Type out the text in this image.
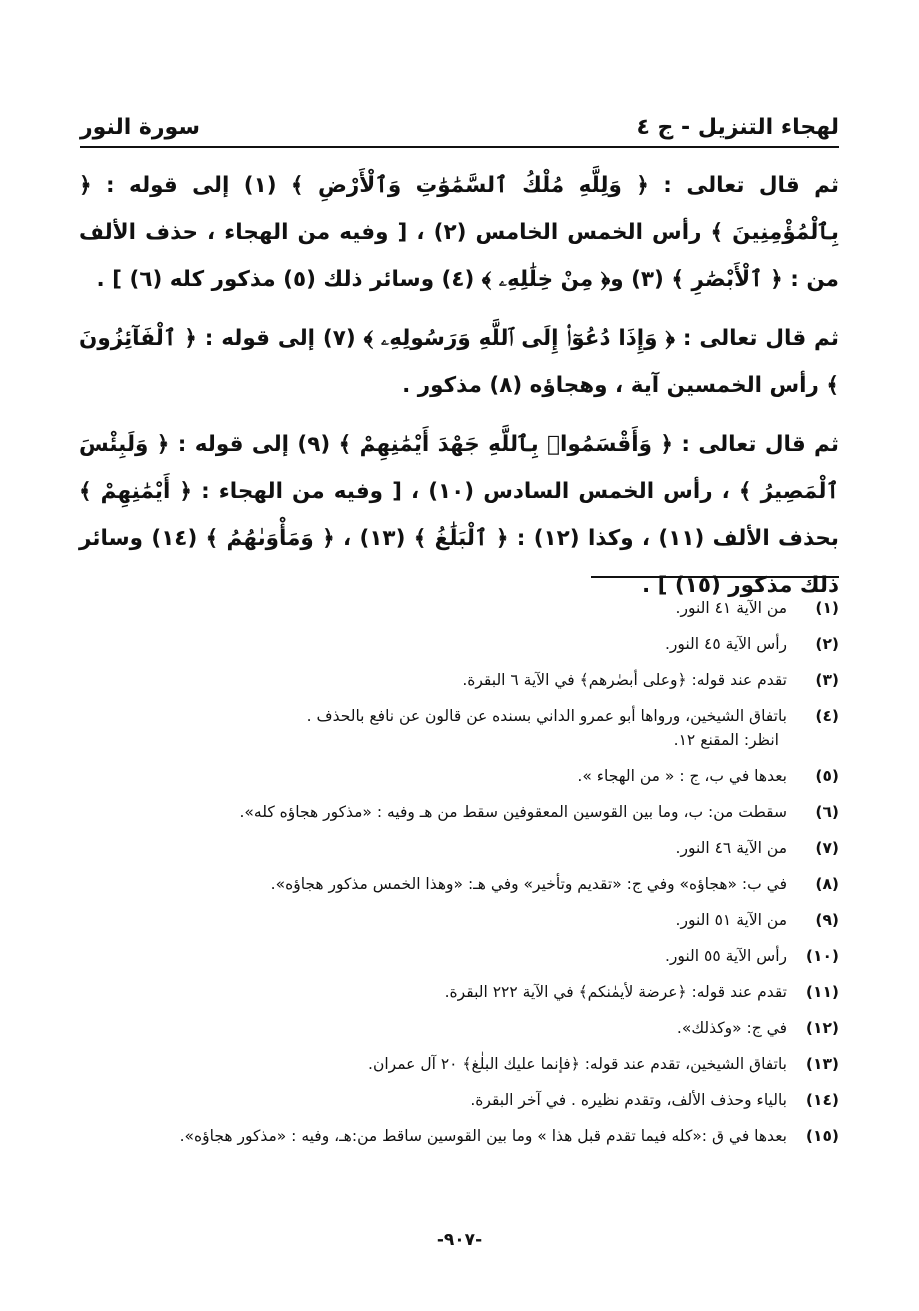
لهجاء التنزيل - ج ٤
سورة النور

ثم قال تعالى : ﴿ وَلِلَّهِ مُلْكُ ٱلسَّمَٰوَٰتِ وَٱلْأَرْضِ ﴾ (١) إلى قوله : ﴿ بِٱلْمُؤْمِنِينَ ﴾ رأس الخمس الخامس (٢) ، [ وفيه من الهجاء ، حذف الألف من : ﴿ ٱلْأَبْصَٰرِ ﴾ (٣) و﴿ مِنْ خِلَٰلِهِۦ ﴾ (٤) وسائر ذلك (٥) مذكور كله (٦) ] .

ثم قال تعالى : ﴿ وَإِذَا دُعُوٓا۟ إِلَى ٱللَّهِ وَرَسُولِهِۦ ﴾ (٧) إلى قوله : ﴿ ٱلْفَآئِزُونَ ﴾ رأس الخمسين آية ، وهجاؤه (٨) مذكور .

ثم قال تعالى : ﴿ وَأَقْسَمُوا۟ بِٱللَّهِ جَهْدَ أَيْمَٰنِهِمْ ﴾ (٩) إلى قوله : ﴿ وَلَبِئْسَ ٱلْمَصِيرُ ﴾ ، رأس الخمس السادس (١٠) ، [ وفيه من الهجاء : ﴿ أَيْمَٰنِهِمْ ﴾ بحذف الألف (١١) ، وكذا (١٢) : ﴿ ٱلْبَلَٰغُ ﴾ (١٣) ، ﴿ وَمَأْوَىٰهُمُ ﴾ (١٤) وسائر ذلك مذكور (١٥) ] .

(١)
من الآية ٤١ النور.
(٢)
رأس الآية ٤٥ النور.
(٣)
تقدم عند قوله: ﴿وعلى أبصٰرهم﴾ في الآية ٦ البقرة.
(٤)
باتفاق الشيخين، ورواها أبو عمرو الداني بسنده عن قالون عن نافع بالحذف .
انظر: المقنع ١٢.
(٥)
بعدها في ب، ج : « من الهجاء ».
(٦)
سقطت من: ب، وما بين القوسين المعقوفين سقط من هـ وفيه : «مذكور هجاؤه كله».
(٧)
من الآية ٤٦ النور.
(٨)
في ب: «هجاؤه» وفي ج: «تقديم وتأخير» وفي هـ: «وهذا الخمس مذكور هجاؤه».
(٩)
من الآية ٥١ النور.
(١٠)
رأس الآية ٥٥ النور.
(١١)
تقدم عند قوله: ﴿عرضة لأيمٰنكم﴾ في الآية ٢٢٢ البقرة.
(١٢)
في ج: «وكذلك».
(١٣)
باتفاق الشيخين، تقدم عند قوله: ﴿فإنما عليك البلٰغ﴾ ٢٠ آل عمران.
(١٤)
بالياء وحذف الألف، وتقدم نظيره . في آخر البقرة.
(١٥)
بعدها في ق :«كله فيما تقدم قبل هذا » وما بين القوسين ساقط من:هـ، وفيه : «مذكور هجاؤه».
-٩٠٧-
